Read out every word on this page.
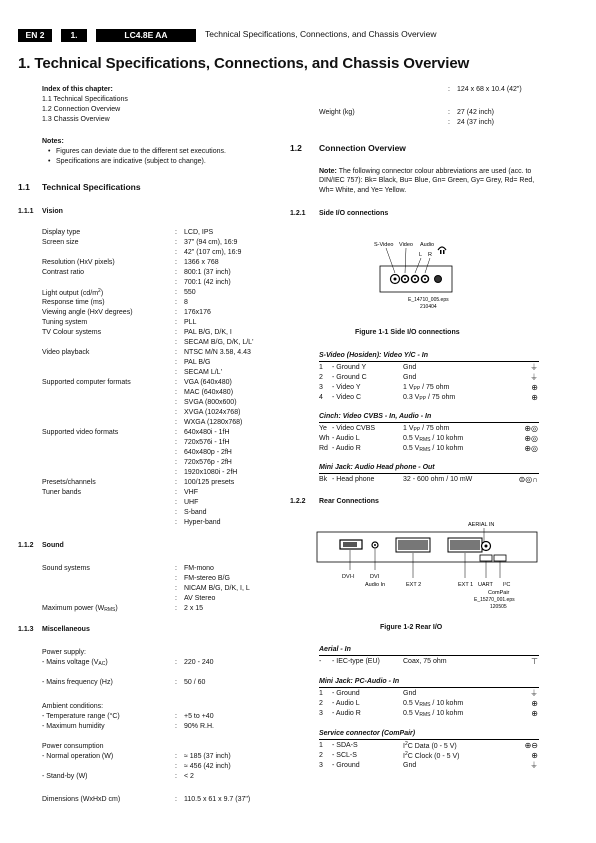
EN 2	1.	LC4.8E AA	Technical Specifications, Connections, and Chassis Overview
1. Technical Specifications, Connections, and Chassis Overview
Index of this chapter:
1.1 Technical Specifications
1.2 Connection Overview
1.3 Chassis Overview
Notes:
• Figures can deviate due to the different set executions.
• Specifications are indicative (subject to change).
1.1 Technical Specifications
1.1.1 Vision
Display type	: LCD, IPS
Screen size	: 37" (94 cm), 16:9
: 42" (107 cm), 16:9
Resolution (HxV pixels)	: 1366 x 768
Contrast ratio	: 800:1 (37 inch)
: 700:1 (42 inch)
Light output $(cd/m^2)$	: 550
Response time (ms)	: 8
Viewing angle (HxV degrees)	: 176x176
Tuning system	: PLL
TV Colour systems	: PAL B/G, D/K, I
: SECAM B/G, D/K, L/L'
Video playback	: NTSC M/N 3.58, 4.43
: PAL B/G
: SECAM L/L'
Supported computer formats	: VGA (640x480)
: MAC (640x480)
: SVGA (800x600)
: XVGA (1024x768)
: WXGA (1280x768)
Supported video formats	: 640x480i - 1fH
: 720x576i - 1fH
: 640x480p - 2fH
: 720x576p - 2fH
: 1920x1080i - 2fH
Presets/channels	: 100/125 presets
Tuner bands	: VHF
: UHF
: S-band
: Hyper-band
1.1.2 Sound
Sound systems	: FM-mono
: FM-stereo B/G
: NICAM B/G, D/K, I, L
: AV Stereo
Maximum power $(W_{RMS})$	: 2 x 15
1.1.3 Miscellaneous
Power supply:
- Mains voltage $(V_{AC})$	: 220 - 240
- Mains frequency (Hz)	: 50 / 60
Ambient conditions:
- Temperature range (°C)	: +5 to +40
- Maximum humidity	: 90% R.H.
Power consumption
- Normal operation (W)	: ≈ 185 (37 inch)
: ≈ 456 (42 inch)
- Stand-by (W)	: < 2
Dimensions (WxHxD cm)	: 110.5 x 61 x 9.7 (37")
: 124 x 68 x 10.4 (42")
Weight (kg)	: 27 (42 inch)
: 24 (37 inch)
1.2 Connection Overview
Note: The following connector colour abbreviations are used (acc. to DIN/IEC 757): Bk= Black, Bu= Blue, Gn= Green, Gy= Grey, Rd= Red, Wh= White, and Ye= Yellow.
1.2.1 Side I/O connections
S-Video Video Audio
L R
E_14710_005.eps
210404
Figure 1-1 Side I/O connections
S-Video (Hosiden): Video Y/C - In
1 - Ground Y	Gnd	⏚
2 - Ground C	Gnd	⏚
3 - Video Y	1 $V_{PP} / 75$ ohm	⊕
4 - Video C	0.3 $V_{PP} / 75$ ohm	⊕
Cinch: Video CVBS - In, Audio - In
Ye - Video CVBS	1 $V_{PP} / 75$ ohm	⊕◎
Wh - Audio L	0.5 $V_{RMS} / 10$ kohm	⊕◎
Rd - Audio R	0.5 $V_{RMS} / 10$ kohm	⊕◎
Mini Jack: Audio Head phone - Out
Bk - Head phone	32 - 600 ohm / 10 mW	⊜◎∩
1.2.2 Rear Connections
AERIAL IN
DVI-I	DVI
Audio In	EXT 2	EXT 1 UART I²C
ComPair
E_15270_001.eps
120505
Figure 1-2 Rear I/O
Aerial - In
- - IEC-type (EU)	Coax, 75 ohm	⊤
Mini Jack: PC-Audio - In
1 - Ground	Gnd	⏚
2 - Audio L	0.5 $V_{RMS} / 10$ kohm	⊕
3 - Audio R	0.5 $V_{RMS} / 10$ kohm	⊕
Service connector (ComPair)
1 - SDA-S	$I^2C$ Data (0 - 5 V)	⊕⊖
2 - SCL-S	$I^2C$ Clock (0 - 5 V)	⊕
3 - Ground	Gnd	⏚
